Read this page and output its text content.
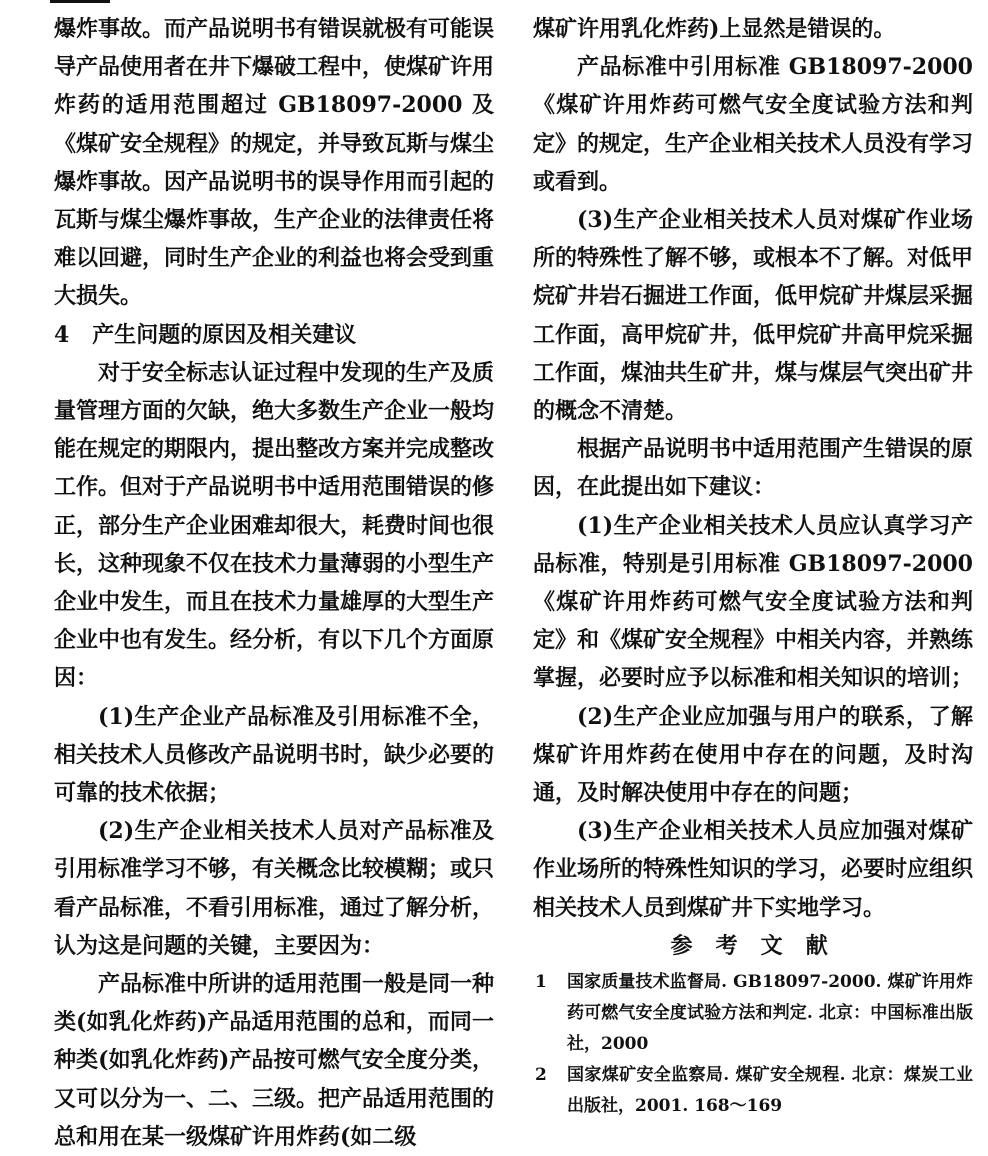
爆炸事故。而产品说明书有错误就极有可能误导产品使用者在井下爆破工程中，使煤矿许用炸药的适用范围超过 GB18097-2000 及《煤矿安全规程》的规定，并导致瓦斯与煤尘爆炸事故。因产品说明书的误导作用而引起的瓦斯与煤尘爆炸事故，生产企业的法律责任将难以回避，同时生产企业的利益也将会受到重大损失。

4 产生问题的原因及相关建议

对于安全标志认证过程中发现的生产及质量管理方面的欠缺，绝大多数生产企业一般均能在规定的期限内，提出整改方案并完成整改工作。但对于产品说明书中适用范围错误的修正，部分生产企业困难却很大，耗费时间也很长，这种现象不仅在技术力量薄弱的小型生产企业中发生，而且在技术力量雄厚的大型生产企业中也有发生。经分析，有以下几个方面原因：

(1)生产企业产品标准及引用标准不全，相关技术人员修改产品说明书时，缺少必要的可靠的技术依据；

(2)生产企业相关技术人员对产品标准及引用标准学习不够，有关概念比较模糊；或只看产品标准，不看引用标准，通过了解分析，认为这是问题的关键，主要因为：

产品标准中所讲的适用范围一般是同一种类(如乳化炸药)产品适用范围的总和，而同一种类(如乳化炸药)产品按可燃气安全度分类，又可以分为一、二、三级。把产品适用范围的总和用在某一级煤矿许用炸药(如二级

煤矿许用乳化炸药)上显然是错误的。

产品标准中引用标准 GB18097-2000《煤矿许用炸药可燃气安全度试验方法和判定》的规定，生产企业相关技术人员没有学习或看到。

(3)生产企业相关技术人员对煤矿作业场所的特殊性了解不够，或根本不了解。对低甲烷矿井岩石掘进工作面，低甲烷矿井煤层采掘工作面，高甲烷矿井，低甲烷矿井高甲烷采掘工作面，煤油共生矿井，煤与煤层气突出矿井的概念不清楚。

根据产品说明书中适用范围产生错误的原因，在此提出如下建议：

(1)生产企业相关技术人员应认真学习产品标准，特别是引用标准 GB18097-2000《煤矿许用炸药可燃气安全度试验方法和判定》和《煤矿安全规程》中相关内容，并熟练掌握，必要时应予以标准和相关知识的培训；

(2)生产企业应加强与用户的联系，了解煤矿许用炸药在使用中存在的问题，及时沟通，及时解决使用中存在的问题；

(3)生产企业相关技术人员应加强对煤矿作业场所的特殊性知识的学习，必要时应组织相关技术人员到煤矿井下实地学习。

参 考 文 献

1 国家质量技术监督局. GB18097-2000. 煤矿许用炸药可燃气安全度试验方法和判定. 北京：中国标准出版社，2000

2 国家煤矿安全监察局. 煤矿安全规程. 北京：煤炭工业出版社，2001. 168～169
